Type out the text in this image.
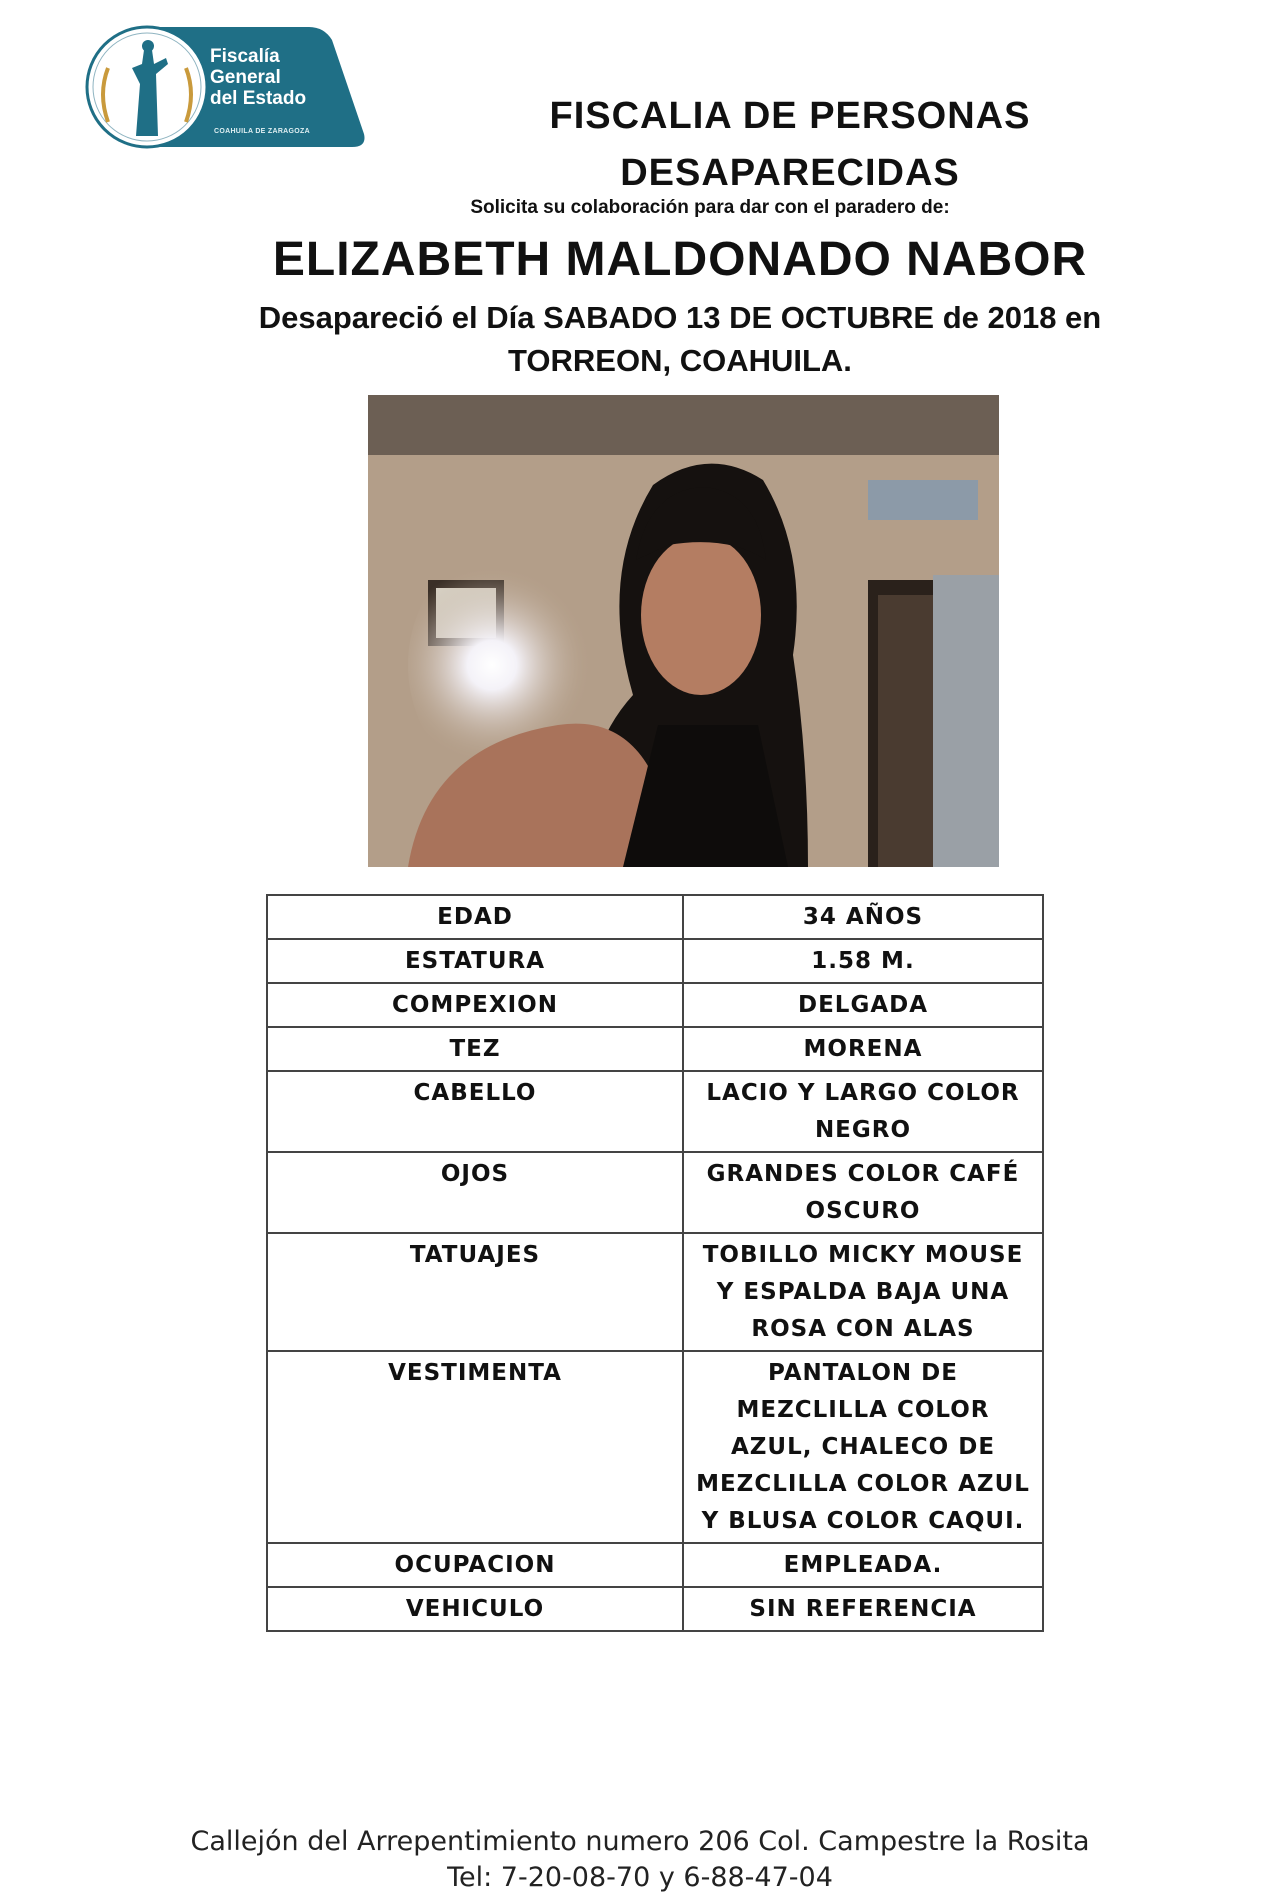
Fiscalía
General
del Estado
COAHUILA DE ZARAGOZA	FISCALIA DE PERSONAS DESAPARECIDAS
Solicita su colaboración para dar con el paradero de:
ELIZABETH MALDONADO NABOR
Desapareció el Día SABADO 13 DE OCTUBRE de 2018 en
TORREON, COAHUILA.
EDAD	34 AÑOS
ESTATURA	1.58 M.
COMPEXION	DELGADA
TEZ	MORENA
CABELLO	LACIO Y LARGO COLOR NEGRO
OJOS	GRANDES COLOR CAFÉ OSCURO
TATUAJES	TOBILLO MICKY MOUSE Y ESPALDA BAJA UNA ROSA CON ALAS
VESTIMENTA	PANTALON DE MEZCLILLA COLOR AZUL, CHALECO DE MEZCLILLA COLOR AZUL Y BLUSA COLOR CAQUI.
OCUPACION	EMPLEADA.
VEHICULO	SIN REFERENCIA
Callejón del Arrepentimiento numero 206 Col. Campestre la Rosita
Tel: 7-20-08-70 y 6-88-47-04
